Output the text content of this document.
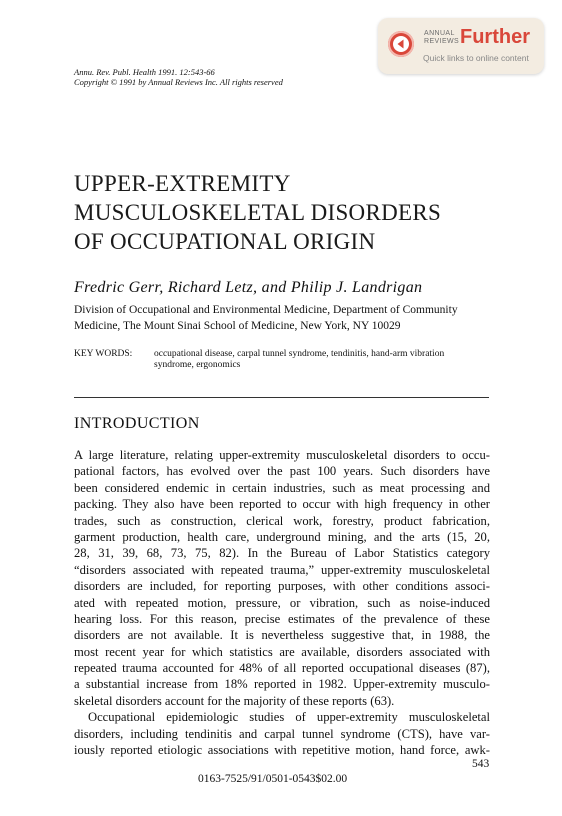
ANNUAL
REVIEWS Further
Quick links to online content
Annu. Rev. Publ. Health 1991. 12:543-66
Copyright © 1991 by Annual Reviews Inc. All rights reserved
UPPER-EXTREMITY
MUSCULOSKELETAL DISORDERS
OF OCCUPATIONAL ORIGIN
Fredric Gerr, Richard Letz, and Philip J. Landrigan
Division of Occupational and Environmental Medicine, Department of Community
Medicine, The Mount Sinai School of Medicine, New York, NY 10029
KEY WORDS: occupational disease, carpal tunnel syndrome, tendinitis, hand-arm vibration
syndrome, ergonomics
INTRODUCTION
A large literature, relating upper-extremity musculoskeletal disorders to occu-
pational factors, has evolved over the past 100 years. Such disorders have
been considered endemic in certain industries, such as meat processing and
packing. They also have been reported to occur with high frequency in other
trades, such as construction, clerical work, forestry, product fabrication,
garment production, health care, underground mining, and the arts (15, 20,
28, 31, 39, 68, 73, 75, 82). In the Bureau of Labor Statistics category
“disorders associated with repeated trauma,” upper-extremity musculoskeletal
disorders are included, for reporting purposes, with other conditions associ-
ated with repeated motion, pressure, or vibration, such as noise-induced
hearing loss. For this reason, precise estimates of the prevalence of these
disorders are not available. It is nevertheless suggestive that, in 1988, the
most recent year for which statistics are available, disorders associated with
repeated trauma accounted for 48% of all reported occupational diseases (87),
a substantial increase from 18% reported in 1982. Upper-extremity musculo-
skeletal disorders account for the majority of these reports (63).
Occupational epidemiologic studies of upper-extremity musculoskeletal
disorders, including tendinitis and carpal tunnel syndrome (CTS), have var-
iously reported etiologic associations with repetitive motion, hand force, awk-
543
0163-7525/91/0501-0543$02.00
